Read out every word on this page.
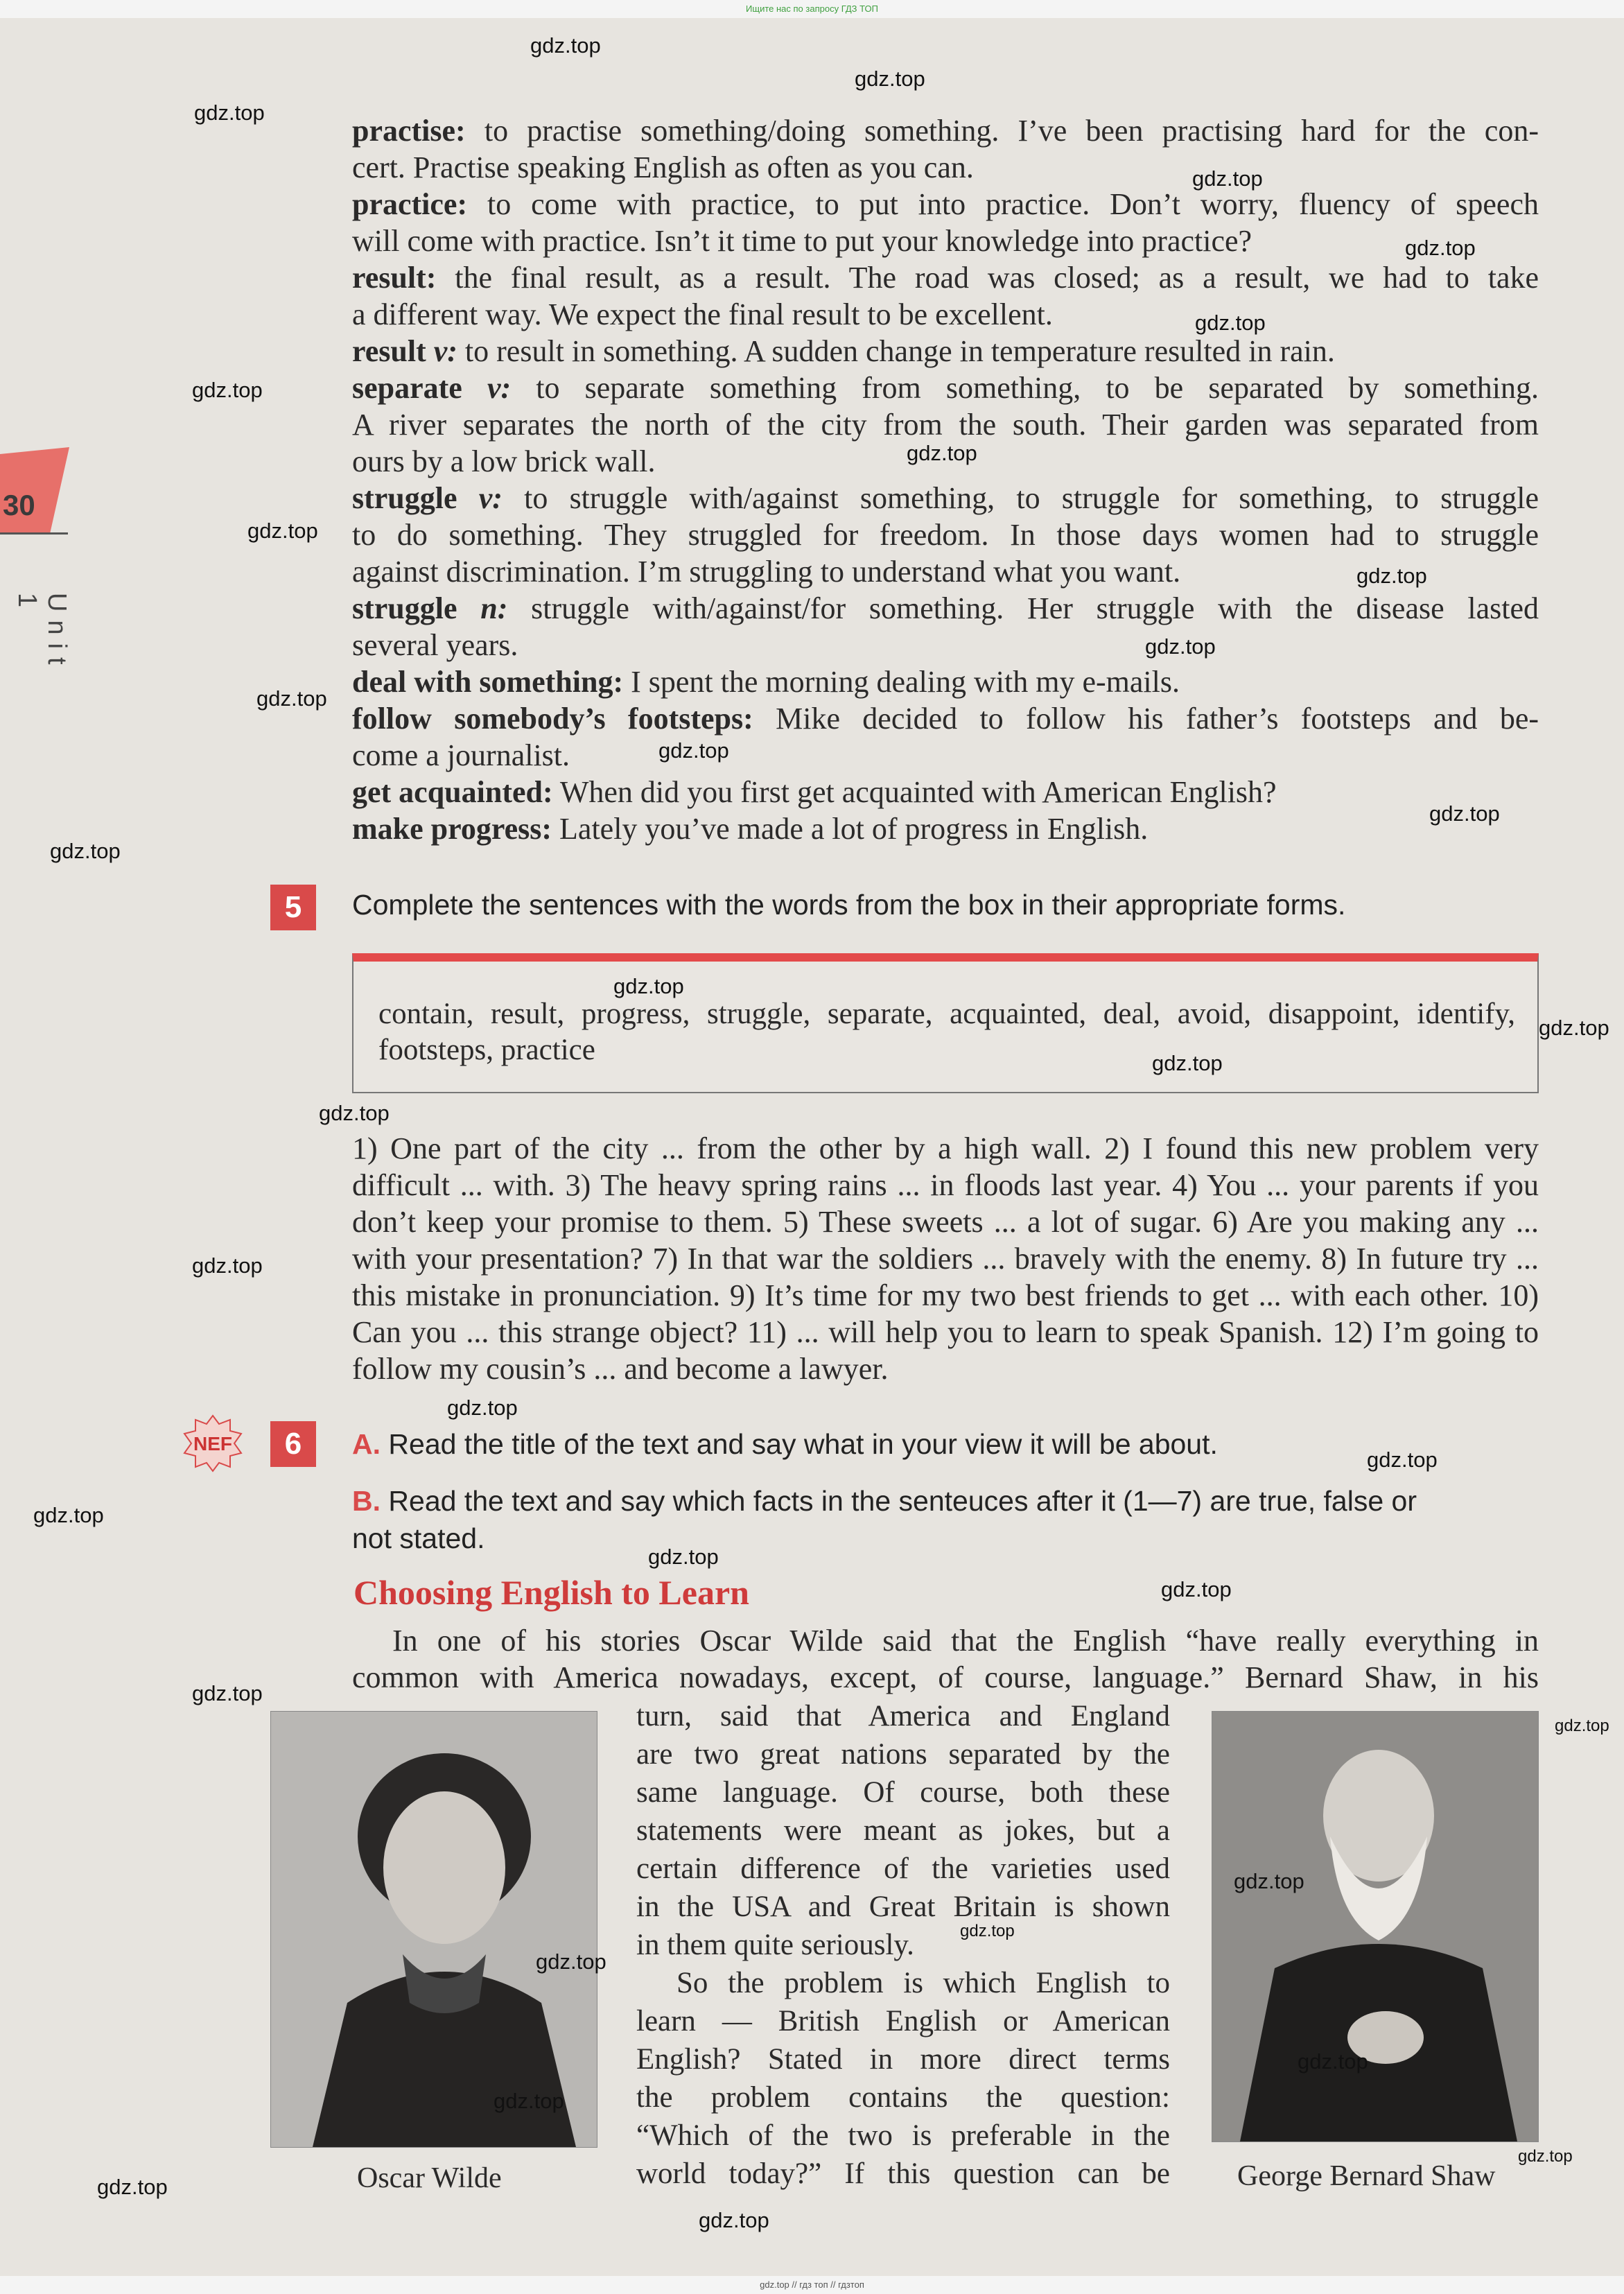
Ищите нас по запросу ГДЗ ТОП
30
Unit 1

practise: to practise something/doing something. I’ve been practising hard for the con-

cert. Practise speaking English as often as you can.

practice: to come with practice, to put into practice. Don’t worry, fluency of speech

will come with practice. Isn’t it time to put your knowledge into practice?

result: the final result, as a result. The road was closed; as a result, we had to take

a different way. We expect the final result to be excellent.

result v: to result in something. A sudden change in temperature resulted in rain.

separate v: to separate something from something, to be separated by something.

A river separates the north of the city from the south. Their garden was separated from

ours by a low brick wall.

struggle v: to struggle with/against something, to struggle for something, to struggle

to do something. They struggled for freedom. In those days women had to struggle

against discrimination. I’m struggling to understand what you want.

struggle n: struggle with/against/for something. Her struggle with the disease lasted

several years.

deal with something: I spent the morning dealing with my e-mails.

follow somebody’s footsteps: Mike decided to follow his father’s footsteps and be-

come a journalist.

get acquainted: When did you first get acquainted with American English?

make progress: Lately you’ve made a lot of progress in English.

5	Complete the sentences with the words from the box in their appropriate forms.
contain, result, progress, struggle, separate, acquainted, deal, avoid, disappoint, identify, footsteps, practice

1) One part of the city ... from the other by a high wall. 2) I found this new problem very difficult ... with. 3) The heavy spring rains ... in floods last year. 4) You ... your parents if you don’t keep your promise to them. 5) These sweets ... a lot of sugar. 6) Are you making any ... with your presentation? 7) In that war the soldiers ... bravely with the enemy. 8) In future try ... this mistake in pronunciation. 9) It’s time for my two best friends to get ... with each other. 10) Can you ... this strange object? 11) ... will help you to learn to speak Spanish. 12) I’m going to follow my cousin’s ... and become a lawyer.

NEF	6	A. Read the title of the text and say what in your view it will be about.
B. Read the text and say which facts in the senteuces after it (1—7) are true, false or
not stated.
Choosing English to Learn

In one of his stories Oscar Wilde said that the English “have really everything in

common with America nowadays, except, of course, language.” Bernard Shaw, in his

turn, said that America and England

are two great nations separated by the

same language. Of course, both these

statements were meant as jokes, but a

certain difference of the varieties used

in the USA and Great Britain is shown

in them quite seriously.

So the problem is which English to

learn — British English or American

English? Stated in more direct terms

the problem contains the question:

“Which of the two is preferable in the

world today?” If this question can be

Oscar Wilde	George Bernard Shaw
gdz.top
gdz.top
gdz.top
gdz.top
gdz.top
gdz.top
gdz.top
gdz.top
gdz.top
gdz.top
gdz.top
gdz.top
gdz.top
gdz.top
gdz.top
gdz.top
gdz.top
gdz.top
gdz.top
gdz.top
gdz.top
gdz.top
gdz.top
gdz.top
gdz.top
gdz.top
gdz.top
gdz.top
gdz.top
gdz.top
gdz.top
gdz.top
gdz.top
gdz.top
gdz.top
gdz.top // гдз топ // гдзтоп
